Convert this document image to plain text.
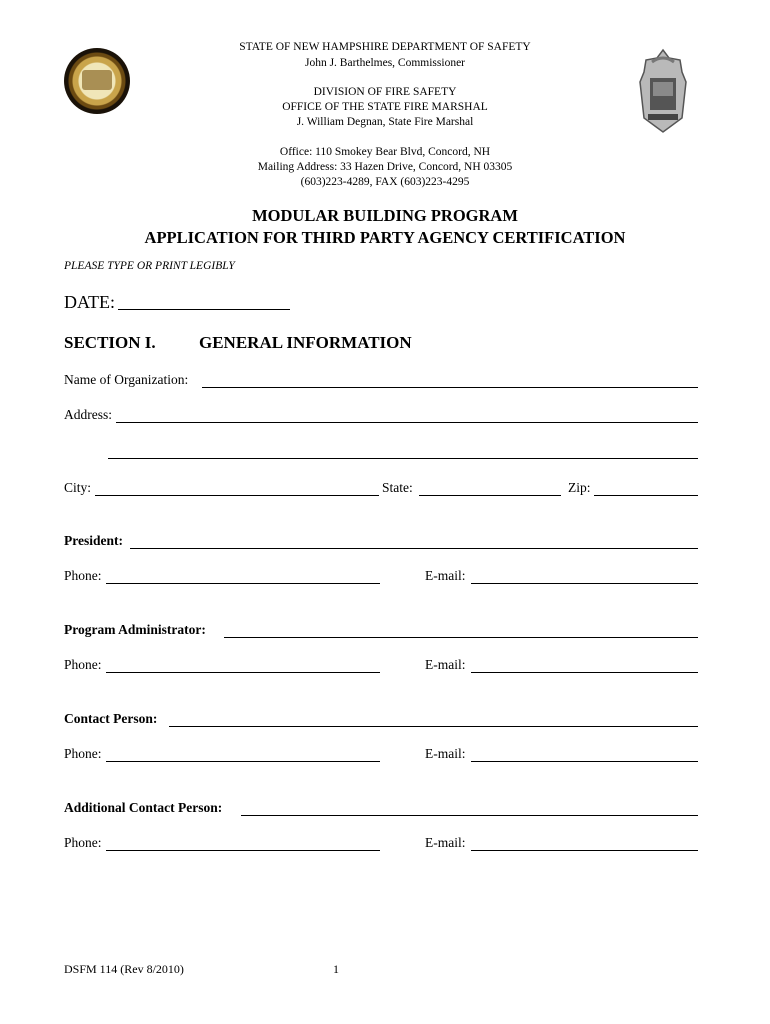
STATE OF NEW HAMPSHIRE DEPARTMENT OF SAFETY
John J. Barthelmes, Commissioner
DIVISION OF FIRE SAFETY
OFFICE OF THE STATE FIRE MARSHAL
J. William Degnan, State Fire Marshal
Office: 110 Smokey Bear Blvd, Concord, NH
Mailing Address: 33 Hazen Drive, Concord, NH 03305
(603)223-4289, FAX (603)223-4295
MODULAR BUILDING PROGRAM
APPLICATION FOR THIRD PARTY AGENCY CERTIFICATION
PLEASE TYPE OR PRINT LEGIBLY
DATE:
SECTION I.	GENERAL INFORMATION
Name of Organization:
Address:
City:	State:	Zip:
President:
Phone:	E-mail:
Program Administrator:
Phone:	E-mail:
Contact Person:
Phone:	E-mail:
Additional Contact Person:
Phone:	E-mail:
DSFM 114 (Rev 8/2010)	1
